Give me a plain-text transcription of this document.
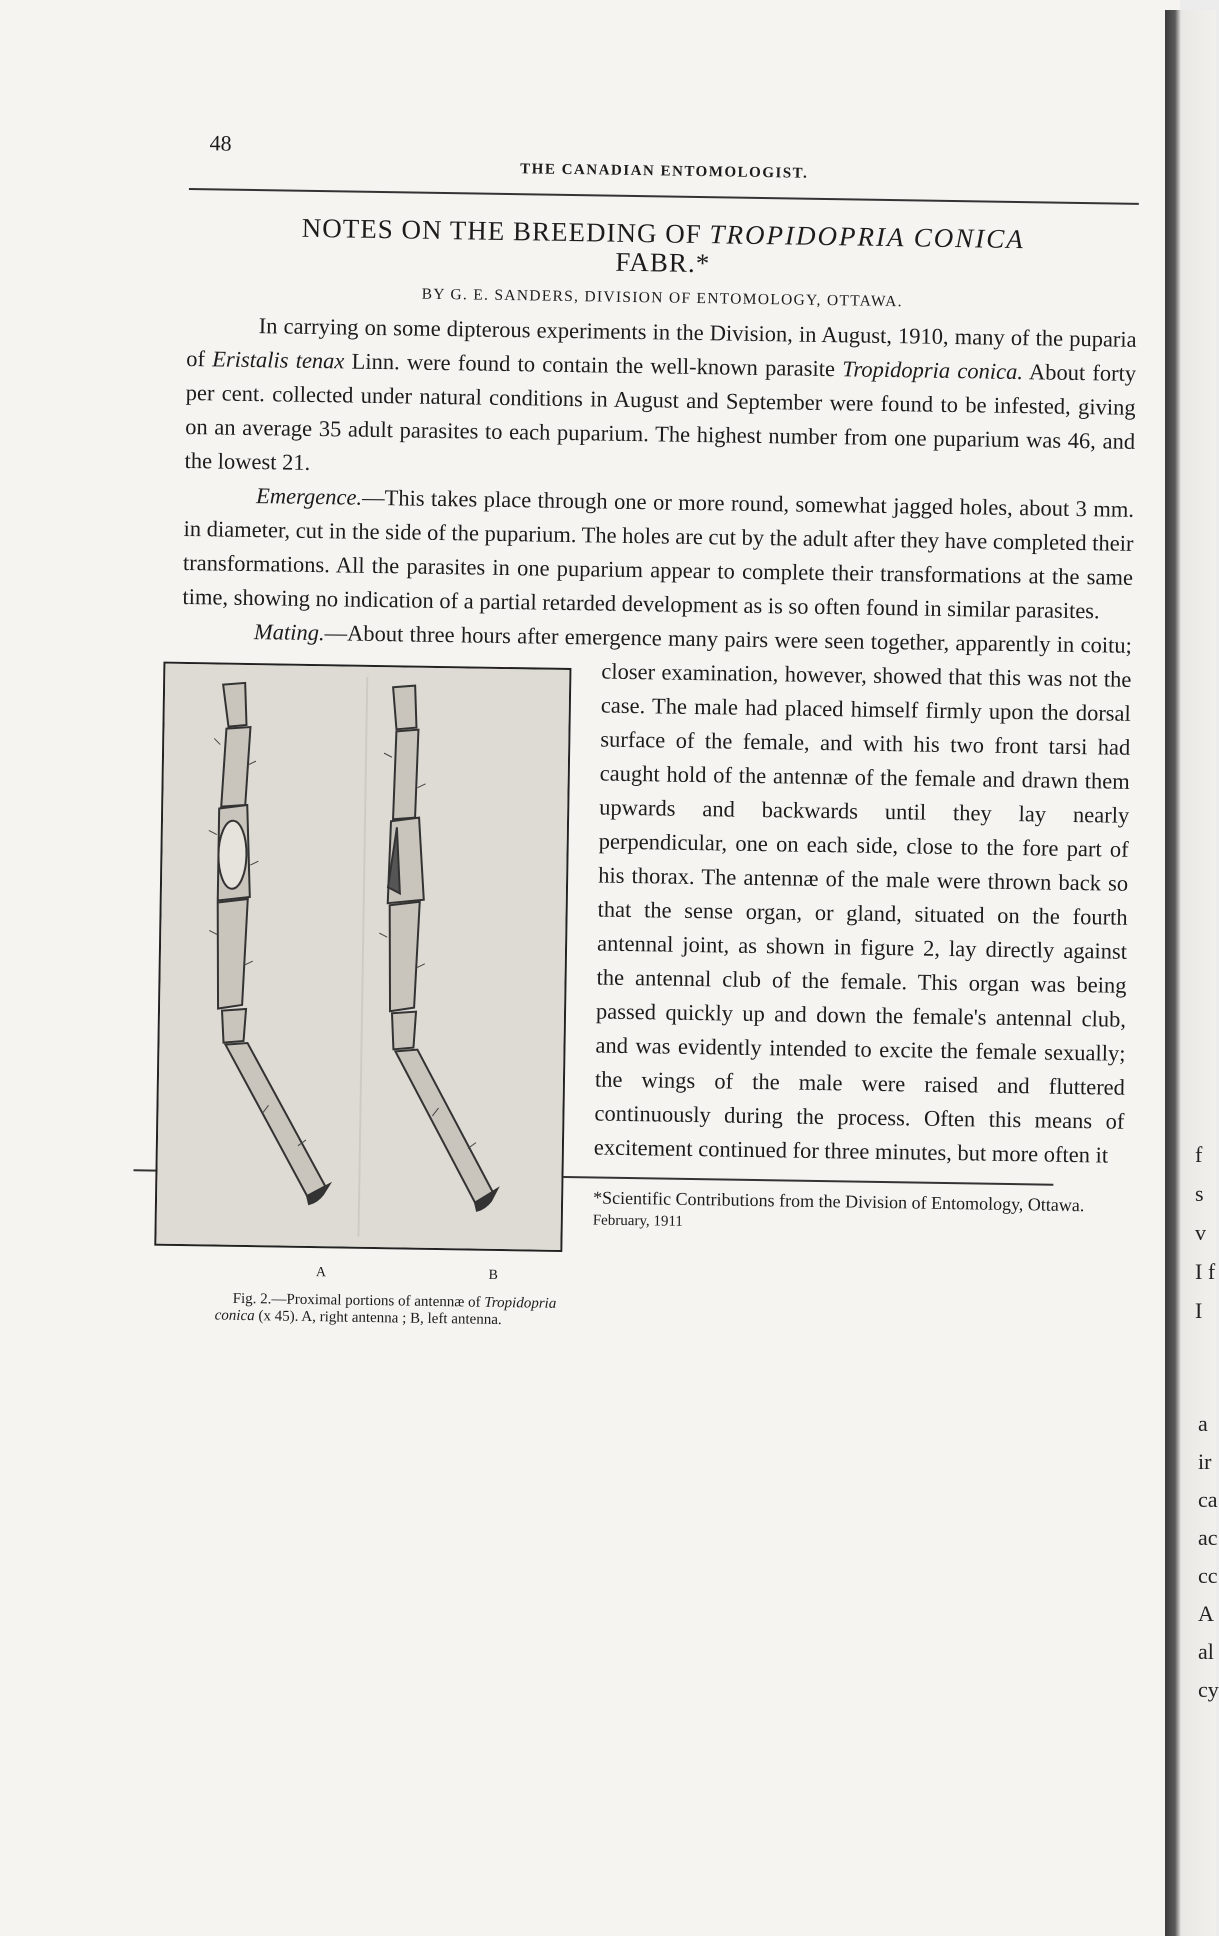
48
THE CANADIAN ENTOMOLOGIST.
NOTES ON THE BREEDING OF TROPIDOPRIA CONICA
FABR.*
BY G. E. SANDERS, DIVISION OF ENTOMOLOGY, OTTAWA.

In carrying on some dipterous experiments in the Division, in August, 1910, many of the puparia of Eristalis tenax Linn. were found to contain the well-known parasite Tropidopria conica. About forty per cent. collected under natural conditions in August and September were found to be infested, giving on an average 35 adult parasites to each puparium. The highest number from one puparium was 46, and the lowest 21.

Emergence.—This takes place through one or more round, somewhat jagged holes, about 3 mm. in diameter, cut in the side of the puparium. The holes are cut by the adult after they have completed their transformations. All the parasites in one puparium appear to complete their transformations at the same time, showing no indication of a partial retarded development as is so often found in similar parasites.

Mating.—About three hours after emergence many pairs were seen together, apparently in coitu; closer examination, however, showed that
A	B
Fig. 2.—Proximal portions of antennæ of Tropidopria conica (x 45). A, right antenna ; B, left antenna.
this was not the case. The male had placed himself firmly upon the dorsal surface of the female, and with his two front tarsi had caught hold of the antennæ of the female and drawn them upwards and backwards until they lay nearly perpendicular, one on each side, close to the fore part of his thorax. The antennæ of the male were thrown back so that the sense organ, or gland, situated on the fourth antennal joint, as shown in figure 2, lay directly against the antennal club of the female. This organ was being passed quickly up and down the female's antennal club, and was evidently intended to excite the female sexually; the wings of the male were raised and fluttered continuously during the process. Often this means of excitement continued for three minutes, but more often it

*Scientific Contributions from the Division of Entomology, Ottawa.
February, 1911
f s v I f I
a ir ca ac cc A al cy
